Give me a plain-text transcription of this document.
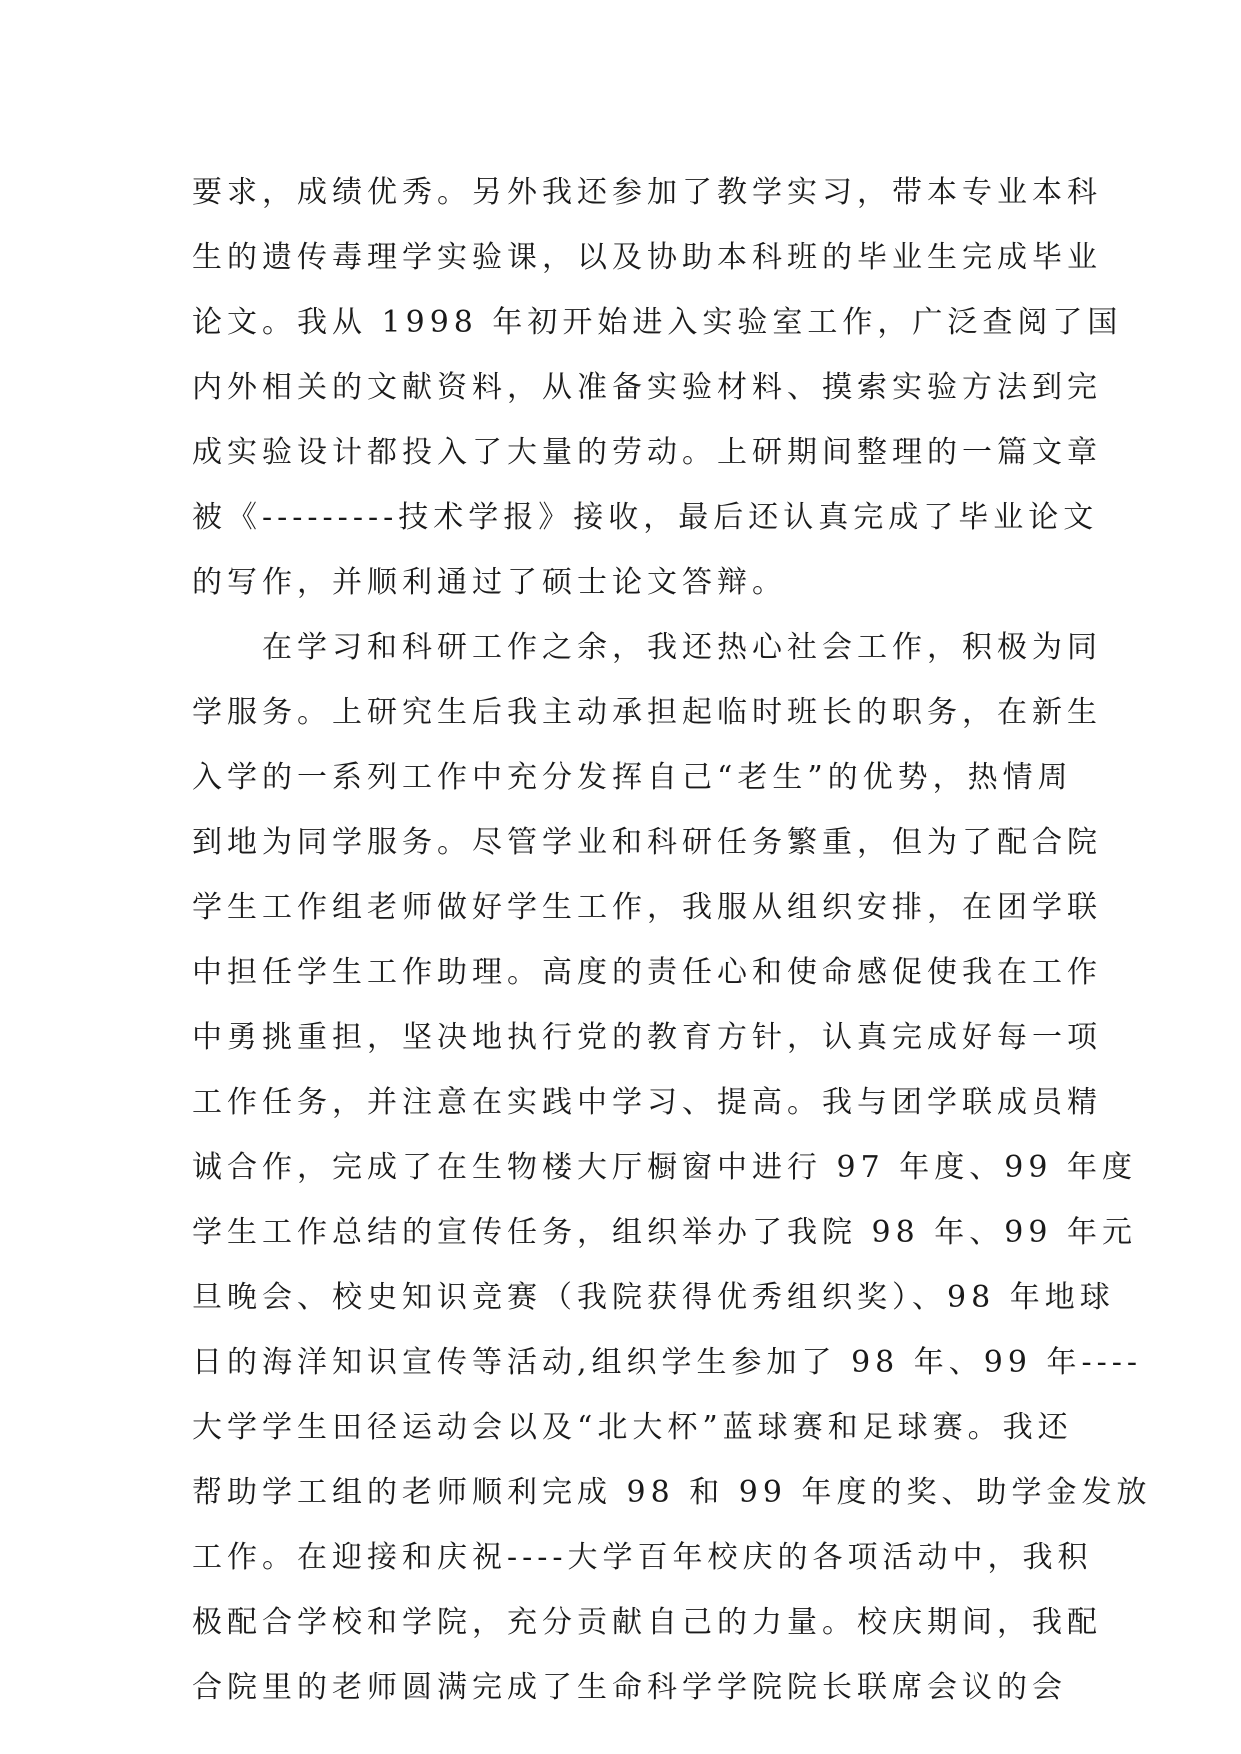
要求，成绩优秀。另外我还参加了教学实习，带本专业本科
生的遗传毒理学实验课，以及协助本科班的毕业生完成毕业
论文。我从 1998 年初开始进入实验室工作，广泛查阅了国
内外相关的文献资料，从准备实验材料、摸索实验方法到完
成实验设计都投入了大量的劳动。上研期间整理的一篇文章
被《---------技术学报》接收，最后还认真完成了毕业论文
的写作，并顺利通过了硕士论文答辩。
　　在学习和科研工作之余，我还热心社会工作，积极为同
学服务。上研究生后我主动承担起临时班长的职务，在新生
入学的一系列工作中充分发挥自己“老生”的优势，热情周
到地为同学服务。尽管学业和科研任务繁重，但为了配合院
学生工作组老师做好学生工作，我服从组织安排，在团学联
中担任学生工作助理。高度的责任心和使命感促使我在工作
中勇挑重担，坚决地执行党的教育方针，认真完成好每一项
工作任务，并注意在实践中学习、提高。我与团学联成员精
诚合作，完成了在生物楼大厅橱窗中进行 97 年度、99 年度
学生工作总结的宣传任务，组织举办了我院 98 年、99 年元
旦晚会、校史知识竞赛（我院获得优秀组织奖）、98 年地球
日的海洋知识宣传等活动,组织学生参加了 98 年、99 年----
大学学生田径运动会以及“北大杯”蓝球赛和足球赛。我还
帮助学工组的老师顺利完成 98 和 99 年度的奖、助学金发放
工作。在迎接和庆祝----大学百年校庆的各项活动中，我积
极配合学校和学院，充分贡献自己的力量。校庆期间，我配
合院里的老师圆满完成了生命科学学院院长联席会议的会
